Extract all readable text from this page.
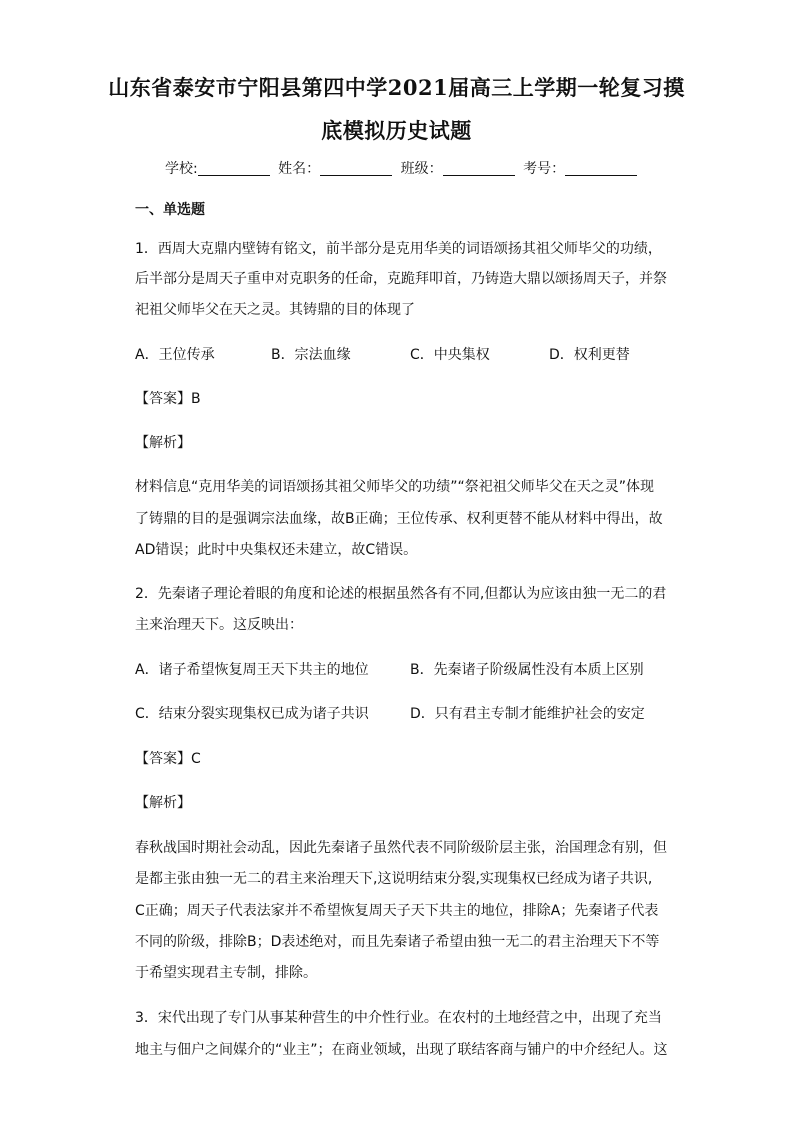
山东省泰安市宁阳县第四中学2021届高三上学期一轮复习摸
底模拟历史试题
学校:	姓名：	班级：	考号：
一、单选题
1．西周大克鼎内壁铸有铭文，前半部分是克用华美的词语颂扬其祖父师毕父的功绩，
后半部分是周天子重申对克职务的任命，克跪拜叩首，乃铸造大鼎以颂扬周天子，并祭
祀祖父师毕父在天之灵。其铸鼎的目的体现了
A．王位传承	B．宗法血缘	C．中央集权	D．权利更替
【答案】B
【解析】
材料信息“克用华美的词语颂扬其祖父师毕父的功绩”“祭祀祖父师毕父在天之灵”体现
了铸鼎的目的是强调宗法血缘，故B正确；王位传承、权利更替不能从材料中得出，故
AD错误；此时中央集权还未建立，故C错误。
2．先秦诸子理论着眼的角度和论述的根据虽然各有不同,但都认为应该由独一无二的君
主来治理天下。这反映出：
A．诸子希望恢复周王天下共主的地位	B．先秦诸子阶级属性没有本质上区别
C．结束分裂实现集权已成为诸子共识	D．只有君主专制才能维护社会的安定
【答案】C
【解析】
春秋战国时期社会动乱，因此先秦诸子虽然代表不同阶级阶层主张，治国理念有别，但
是都主张由独一无二的君主来治理天下,这说明结束分裂,实现集权已经成为诸子共识,
C正确；周天子代表法家并不希望恢复周天子天下共主的地位，排除A；先秦诸子代表
不同的阶级，排除B；D表述绝对，而且先秦诸子希望由独一无二的君主治理天下不等
于希望实现君主专制，排除。
3．宋代出现了专门从事某种营生的中介性行业。在农村的土地经营之中，出现了充当
地主与佃户之间媒介的“业主”；在商业领域，出现了联结客商与铺户的中介经纪人。这
